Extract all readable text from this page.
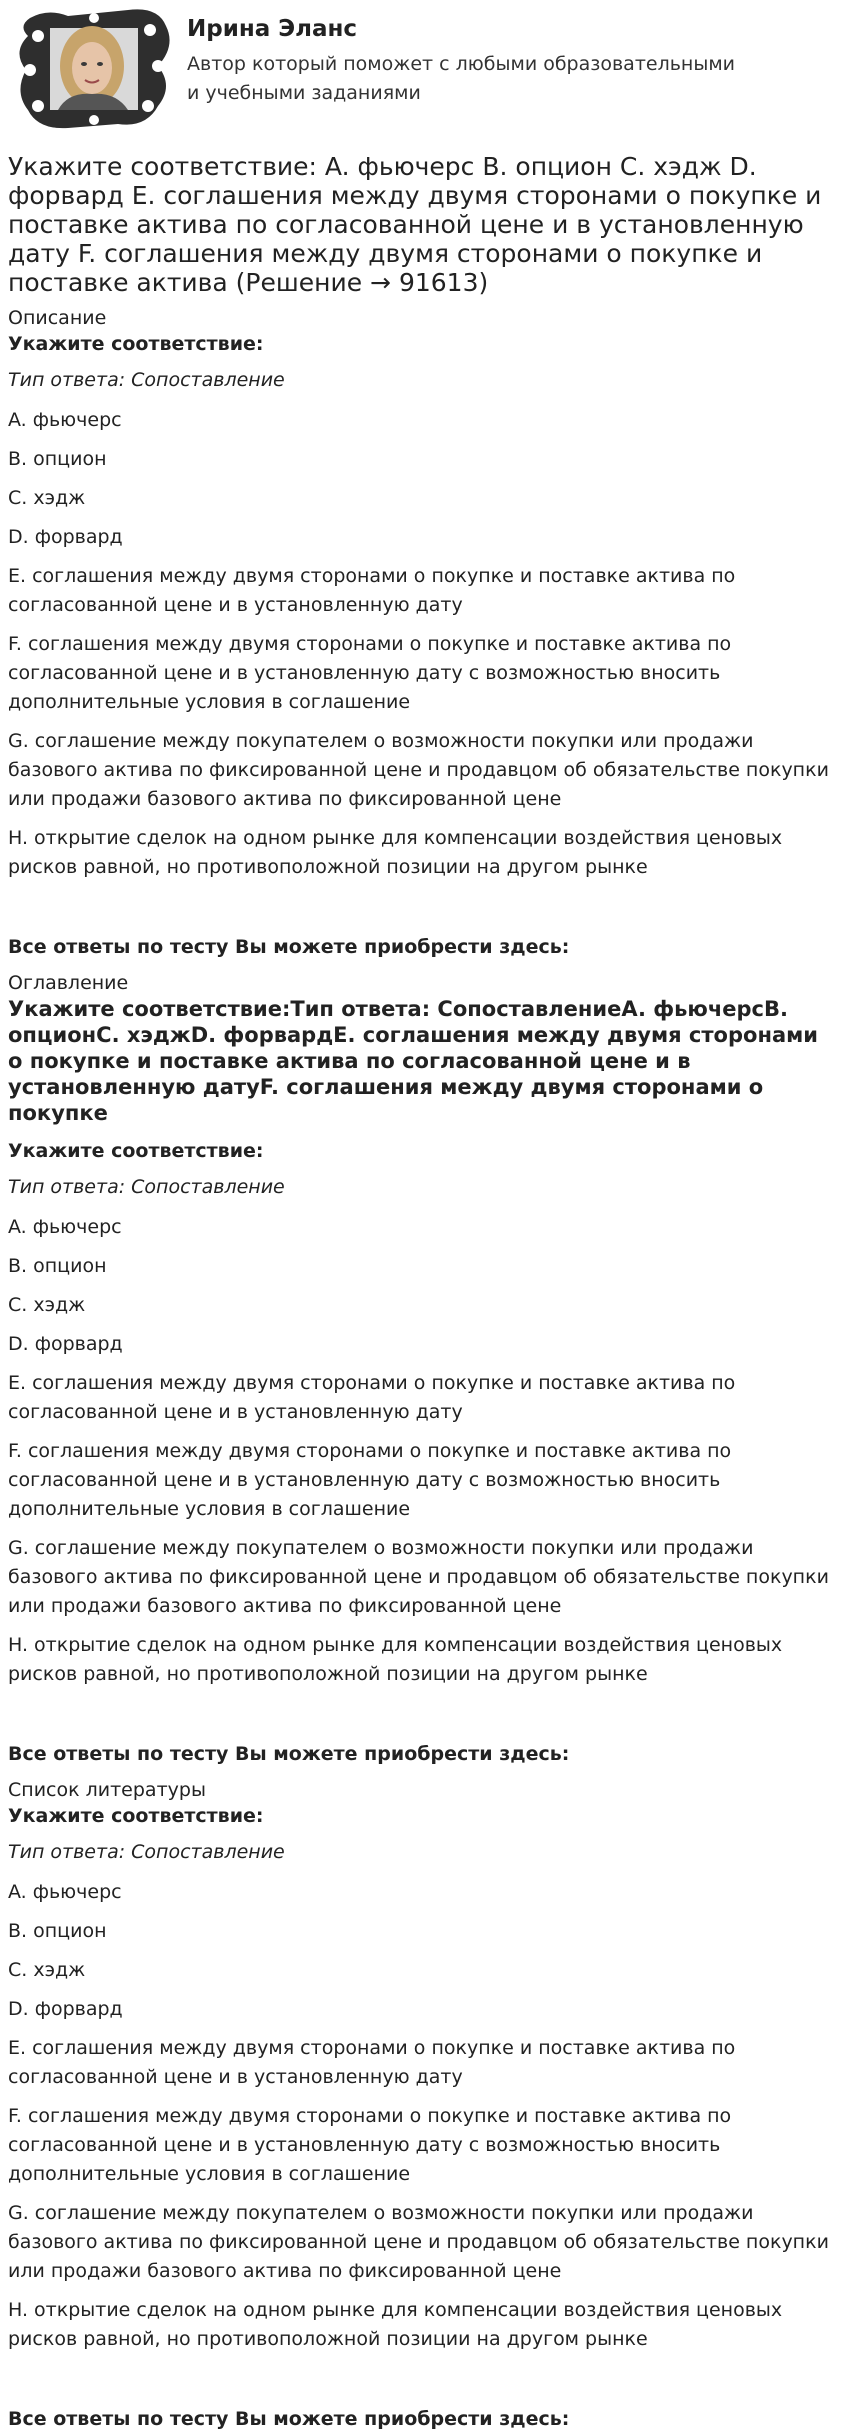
Ирина Эланс
Автор который поможет с любыми образовательными и учебными заданиями
Укажите соответствие: A. фьючерс B. опцион C. хэдж D. форвард E. соглашения между двумя сторонами о покупке и поставке актива по согласованной цене и в установленную дату F. соглашения между двумя сторонами о покупке и поставке актива (Решение → 91613)
Описание
Укажите соответствие:
Тип ответа: Сопоставление
A. фьючерс
B. опцион
C. хэдж
D. форвард
E. соглашения между двумя сторонами о покупке и поставке актива по согласованной цене и в установленную дату
F. соглашения между двумя сторонами о покупке и поставке актива по согласованной цене и в установленную дату с возможностью вносить дополнительные условия в соглашение
G. соглашение между покупателем о возможности покупки или продажи базового актива по фиксированной цене и продавцом об обязательстве покупки или продажи базового актива по фиксированной цене
H. открытие сделок на одном рынке для компенсации воздействия ценовых рисков равной, но противоположной позиции на другом рынке
Все ответы по тесту Вы можете приобрести здесь:
Оглавление
Укажите соответствие:Тип ответа: СопоставлениеA. фьючерсB. опционC. хэджD. форвардE. соглашения между двумя сторонами о покупке и поставке актива по согласованной цене и в установленную датуF. соглашения между двумя сторонами о покупке
Укажите соответствие:
Тип ответа: Сопоставление
A. фьючерс
B. опцион
C. хэдж
D. форвард
E. соглашения между двумя сторонами о покупке и поставке актива по согласованной цене и в установленную дату
F. соглашения между двумя сторонами о покупке и поставке актива по согласованной цене и в установленную дату с возможностью вносить дополнительные условия в соглашение
G. соглашение между покупателем о возможности покупки или продажи базового актива по фиксированной цене и продавцом об обязательстве покупки или продажи базового актива по фиксированной цене
H. открытие сделок на одном рынке для компенсации воздействия ценовых рисков равной, но противоположной позиции на другом рынке
Все ответы по тесту Вы можете приобрести здесь:
Список литературы
Укажите соответствие:
Тип ответа: Сопоставление
A. фьючерс
B. опцион
C. хэдж
D. форвард
E. соглашения между двумя сторонами о покупке и поставке актива по согласованной цене и в установленную дату
F. соглашения между двумя сторонами о покупке и поставке актива по согласованной цене и в установленную дату с возможностью вносить дополнительные условия в соглашение
G. соглашение между покупателем о возможности покупки или продажи базового актива по фиксированной цене и продавцом об обязательстве покупки или продажи базового актива по фиксированной цене
H. открытие сделок на одном рынке для компенсации воздействия ценовых рисков равной, но противоположной позиции на другом рынке
Все ответы по тесту Вы можете приобрести здесь:
